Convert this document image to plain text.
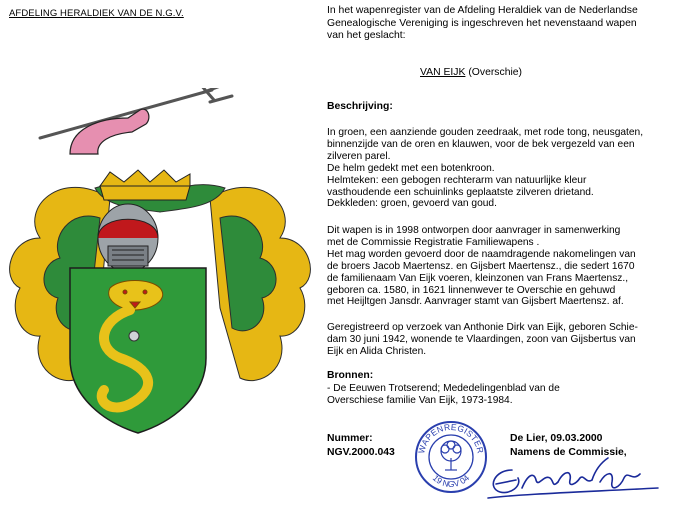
AFDELING HERALDIEK VAN DE N.G.V.	In het wapenregister van de Afdeling Heraldiek van de Nederlandse
Genealogische Vereniging is ingeschreven het nevenstaand wapen
van het geslacht:
VAN EIJK (Overschie)
Beschrijving:
In groen, een aanziende gouden zeedraak, met rode tong, neusgaten,
binnenzijde van de oren en klauwen, voor de bek vergezeld van een
zilveren parel.
De helm gedekt met een botenkroon.
Helmteken: een gebogen rechterarm van natuurlijke kleur
vasthoudende een schuinlinks geplaatste zilveren drietand.
Dekkleden: groen, gevoerd van goud.
Dit wapen is in 1998 ontworpen door aanvrager in samenwerking
met de Commissie Registratie Familiewapens .
Het mag worden gevoerd door de naamdragende nakomelingen van
de broers Jacob Maertensz. en Gijsbert Maertensz., die sedert 1670
de familienaam Van Eijk voeren, kleinzonen van Frans Maertensz.,
geboren ca. 1580, in 1621 linnenwever te Overschie en gehuwd
met Heijltgen Jansdr. Aanvrager stamt van Gijsbert Maertensz. af.
Geregistreerd op verzoek van Anthonie Dirk van Eijk, geboren Schie-
dam 30 juni 1942, wonende te Vlaardingen, zoon van Gijsbertus van
Eijk en Alida Christen.
Bronnen:
- De Eeuwen Trotserend; Mededelingenblad van de
Overschiese familie Van Eijk, 1973-1984.
Nummer:
NGV.2000.043
De Lier, 09.03.2000
Namens de Commissie,
WAPENREGISTER
19 NGV 04
